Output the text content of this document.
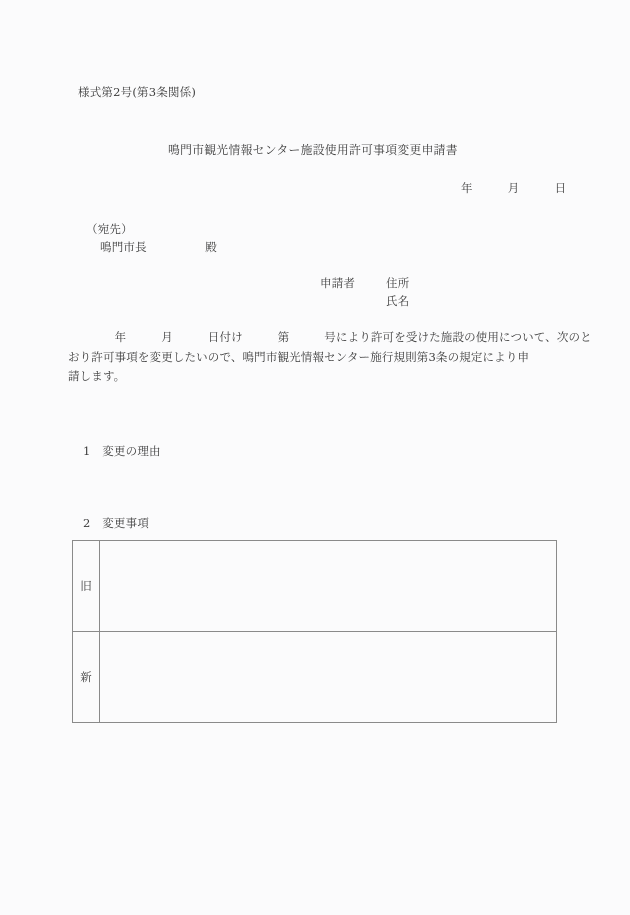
様式第2号(第3条関係)
鳴門市観光情報センター施設使用許可事項変更申請書
年　　　月　　　日
（宛先）
鳴門市長　　　　　殿
申請者	住所
氏名
　　　　年　　　月　　　日付け　　　第　　　号により許可を受けた施設の使用について、次のと
おり許可事項を変更したいので、鳴門市観光情報センター施行規則第3条の規定により申
請します。
1　変更の理由
2　変更事項
旧	
新	
